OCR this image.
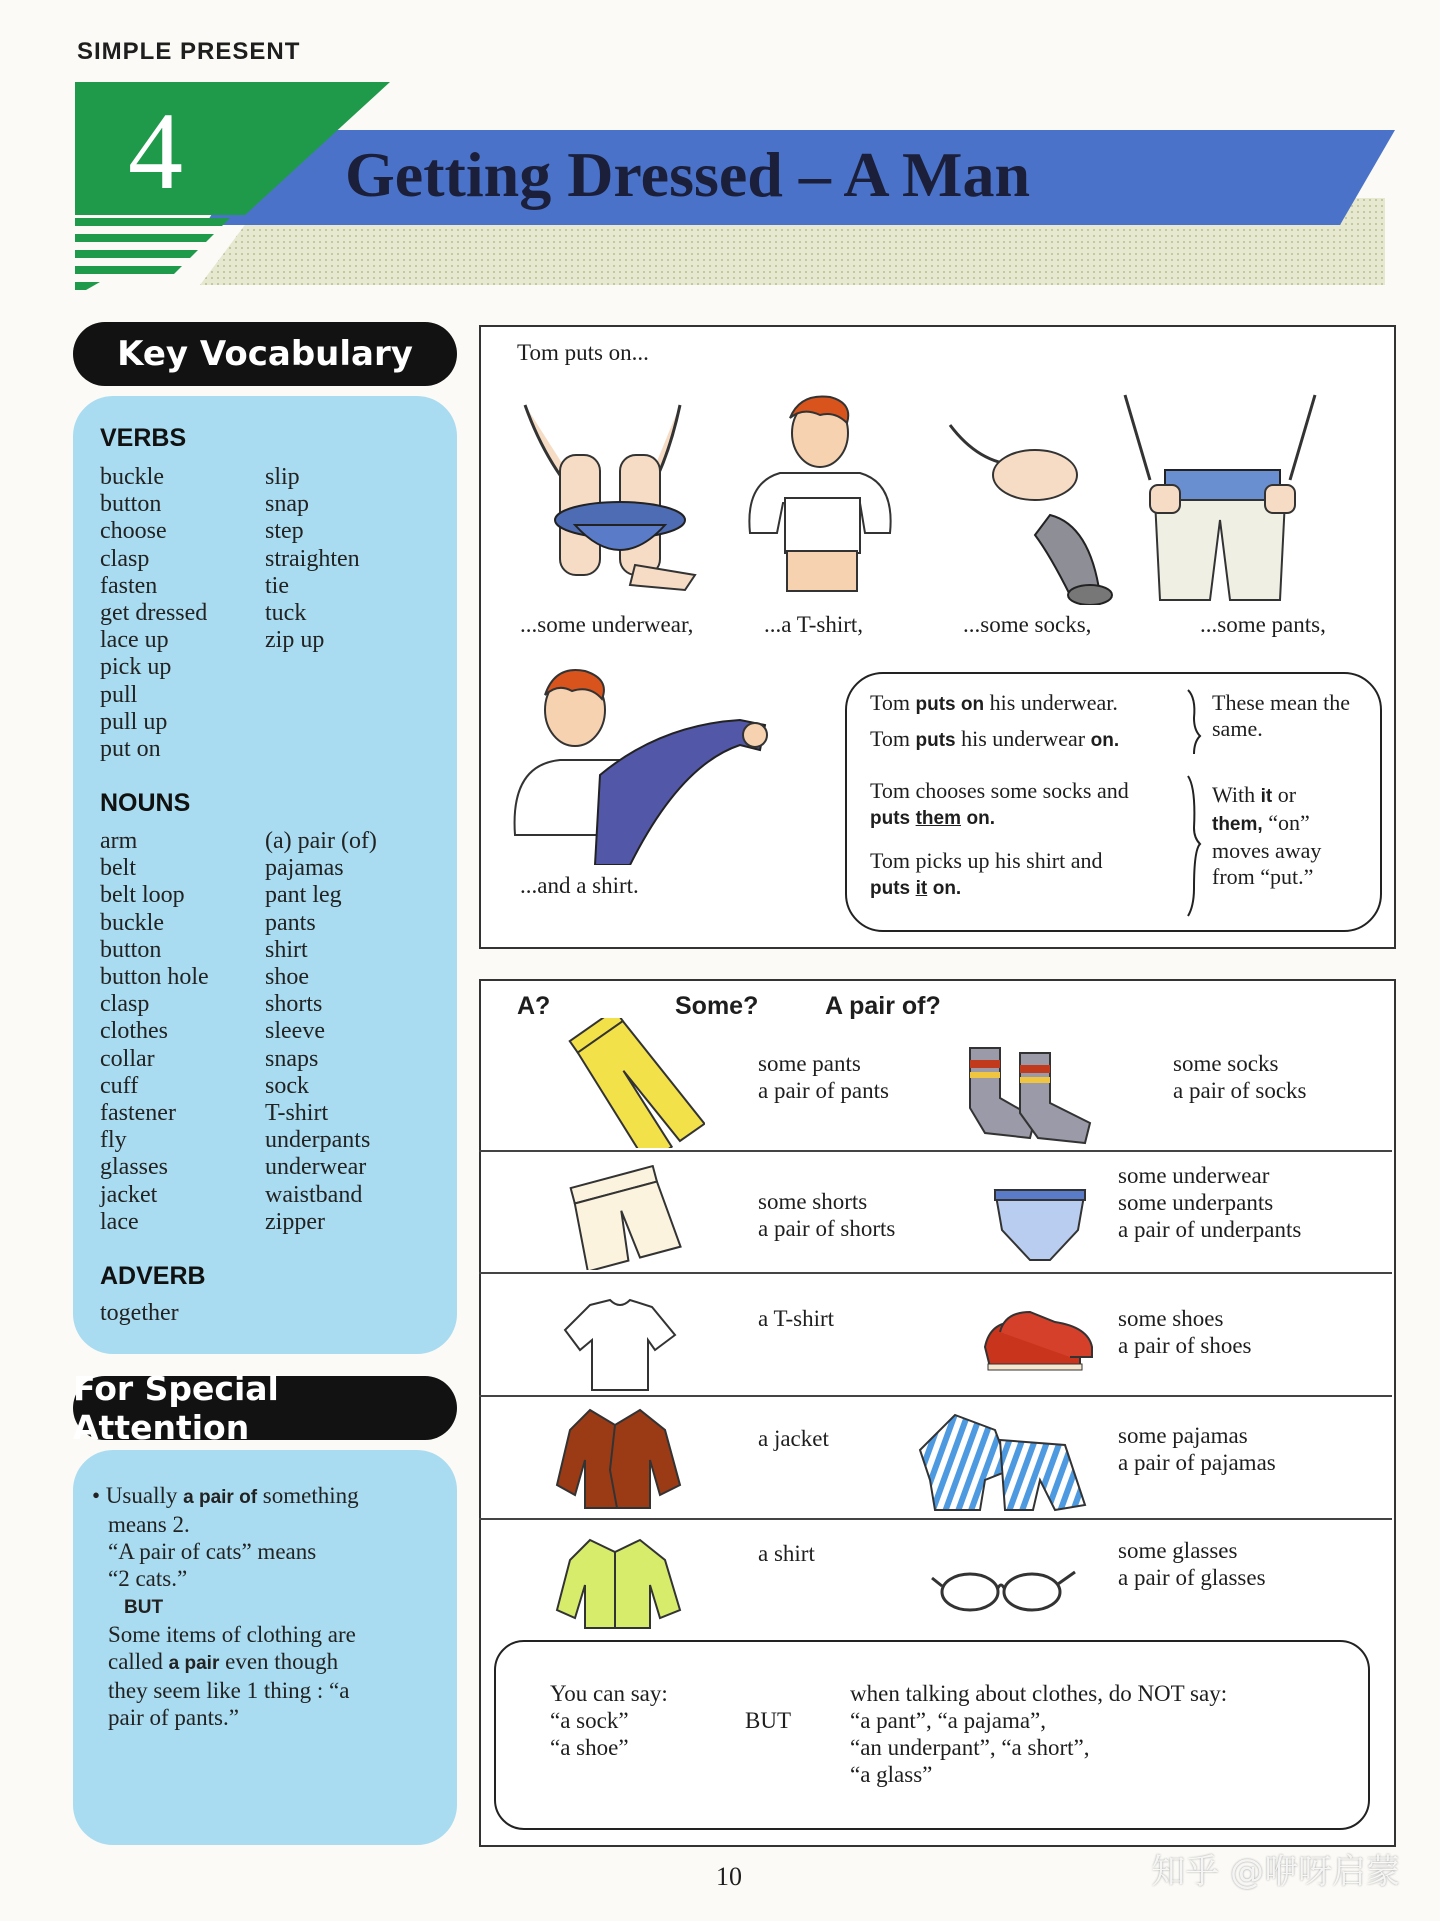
SIMPLE PRESENT
4	Getting Dressed – A Man
Key Vocabulary
VERBS
buckle
button
choose
clasp
fasten
get dressed
lace up
pick up
pull
pull up
put on
slip
snap
step
straighten
tie
tuck
zip up
NOUNS
arm
belt
belt loop
buckle
button
button hole
clasp
clothes
collar
cuff
fastener
fly
glasses
jacket
lace
(a) pair (of)
pajamas
pant leg
pants
shirt
shoe
shorts
sleeve
snaps
sock
T-shirt
underpants
underwear
waistband
zipper
ADVERB
together
For Special Attention
• Usually a pair of something
means 2.
“A pair of cats” means
“2 cats.”
BUT
Some items of clothing are
called a pair even though
they seem like 1 thing : “a
pair of pants.”
Tom puts on...
...some underwear,	...a T-shirt,	...some socks,	...some pants,
...and a shirt.
Tom puts on his underwear.
Tom puts his underwear on.
Tom chooses some socks and
puts them on.
Tom picks up his shirt and
puts it on.
These mean the same.
With it or
them, “on”
moves away
from “put.”
A?	Some?	A pair of?
some pants
a pair of pants
some socks
a pair of socks
some shorts
a pair of shorts
some underwear
some underpants
a pair of underpants
a T-shirt	some shoes
a pair of shoes
a jacket	some pajamas
a pair of pajamas
a shirt	some glasses
a pair of glasses
You can say:
“a sock”
“a shoe”
BUT
when talking about clothes, do NOT say:
“a pant”, “a pajama”,
“an underpant”, “a short”,
“a glass”
10	知乎 @咿呀启蒙
